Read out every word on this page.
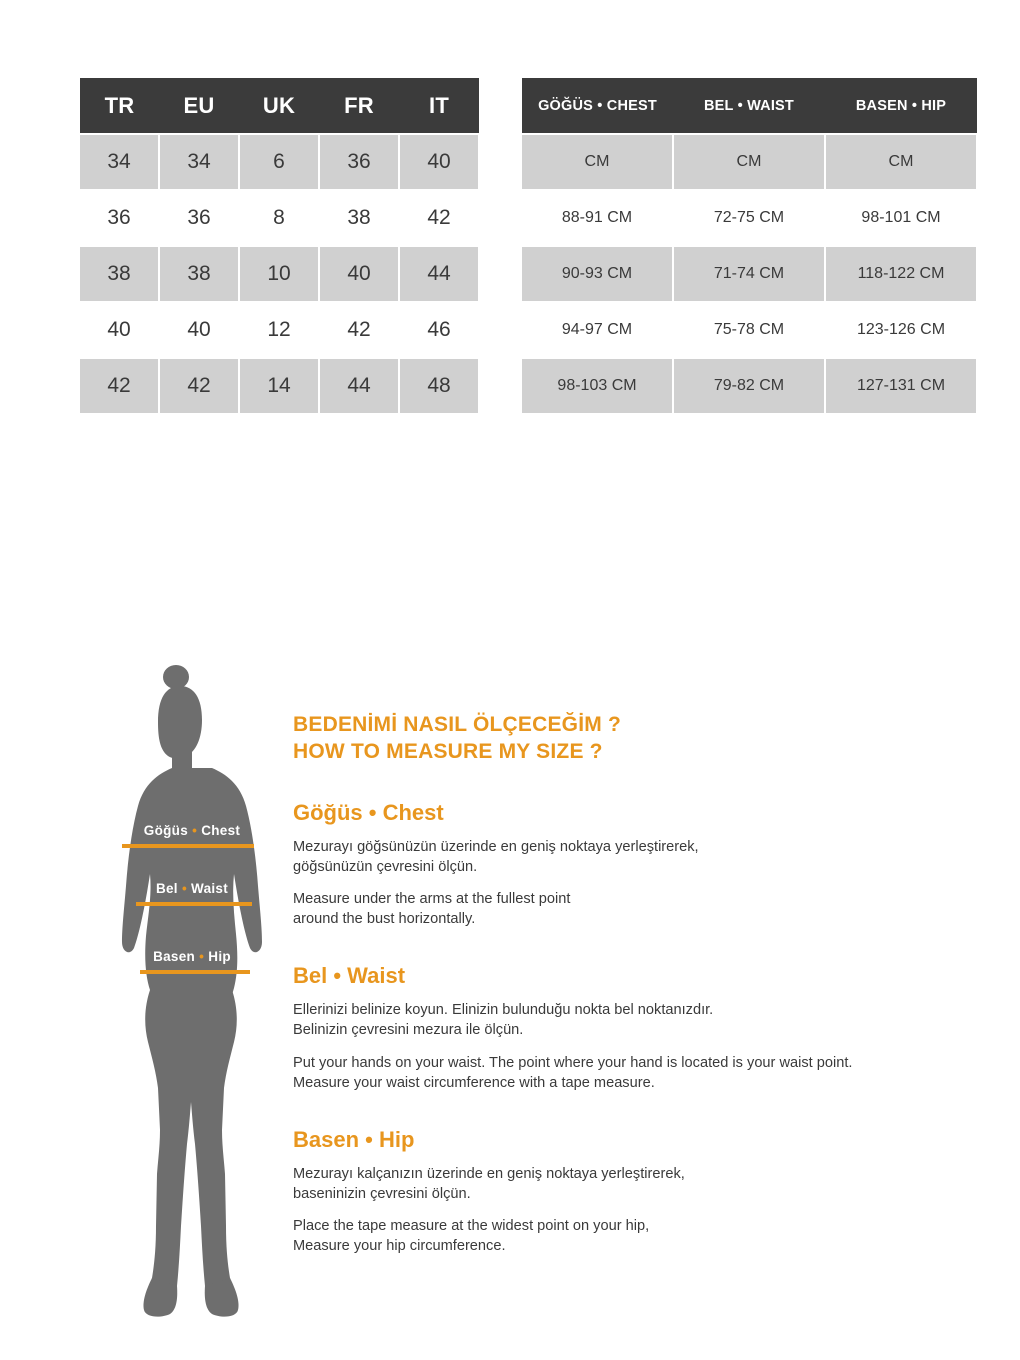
TR	EU	UK	FR	IT
34	34	6	36	40
36	36	8	38	42
38	38	10	40	44
40	40	12	42	46
42	42	14	44	48
GÖĞÜS • CHEST	BEL • WAIST	BASEN • HIP
CM	CM	CM
88-91 CM	72-75 CM	98-101 CM
90-93 CM	71-74 CM	118-122 CM
94-97 CM	75-78 CM	123-126 CM
98-103 CM	79-82 CM	127-131 CM
Göğüs • Chest
Bel • Waist
Basen • Hip
BEDENİMİ NASIL ÖLÇECEĞİM ?
HOW TO MEASURE MY SIZE ?
Göğüs • Chest
Mezurayı göğsünüzün üzerinde en geniş noktaya yerleştirerek,
göğsünüzün çevresini ölçün.
Measure under the arms at the fullest point
around the bust horizontally.
Bel • Waist
Ellerinizi belinize koyun. Elinizin bulunduğu nokta bel noktanızdır.
Belinizin çevresini mezura ile ölçün.
Put your hands on your waist. The point where your hand is located is your waist point.
Measure your waist circumference with a tape measure.
Basen • Hip
Mezurayı kalçanızın üzerinde en geniş noktaya yerleştirerek,
baseninizin çevresini ölçün.
Place the tape measure at the widest point on your hip,
Measure your hip circumference.
